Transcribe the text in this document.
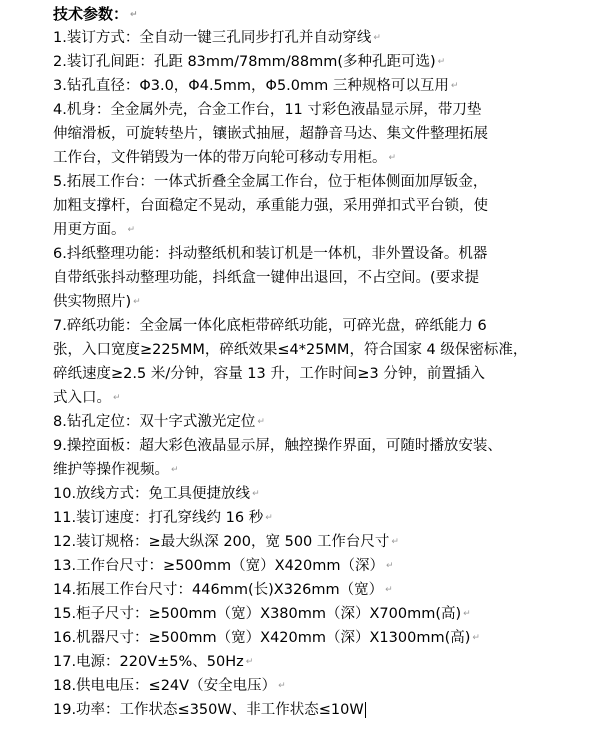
技术参数： ↵
1.装订方式：全自动一键三孔同步打孔并自动穿线 ↵
2.装订孔间距：孔距 83mm/78mm/88mm(多种孔距可选) ↵
3.钻孔直径：Φ3.0，Φ4.5mm，Φ5.0mm 三种规格可以互用 ↵
4.机身：全金属外壳，合金工作台，11 寸彩色液晶显示屏，带刀垫
伸缩滑板，可旋转垫片，镶嵌式抽屉，超静音马达、集文件整理拓展
工作台，文件销毁为一体的带万向轮可移动专用柜。 ↵
5.拓展工作台：一体式折叠全金属工作台，位于柜体侧面加厚钣金，
加粗支撑杆，台面稳定不晃动，承重能力强，采用弹扣式平台锁，使
用更方面。 ↵
6.抖纸整理功能：抖动整纸机和装订机是一体机，非外置设备。机器
自带纸张抖动整理功能，抖纸盒一键伸出退回，不占空间。(要求提
供实物照片) ↵
7.碎纸功能：全金属一体化底柜带碎纸功能，可碎光盘，碎纸能力 6
张，入口宽度≥225MM，碎纸效果≤4*25MM，符合国家 4 级保密标准，
碎纸速度≥2.5 米/分钟，容量 13 升，工作时间≥3 分钟，前置插入
式入口。 ↵
8.钻孔定位：双十字式激光定位 ↵
9.操控面板：超大彩色液晶显示屏，触控操作界面，可随时播放安装、
维护等操作视频。 ↵
10.放线方式：免工具便捷放线 ↵
11.装订速度：打孔穿线约 16 秒 ↵
12.装订规格：≥最大纵深 200，宽 500 工作台尺寸 ↵
13.工作台尺寸：≥500mm（宽）X420mm（深） ↵
14.拓展工作台尺寸：446mm(长)X326mm（宽） ↵
15.柜子尺寸：≥500mm（宽）X380mm（深）X700mm(高) ↵
16.机器尺寸：≥500mm（宽）X420mm（深）X1300mm(高) ↵
17.电源：220V±5%、50Hz ↵
18.供电电压：≤24V（安全电压） ↵
19.功率：工作状态≤350W、非工作状态≤10W
